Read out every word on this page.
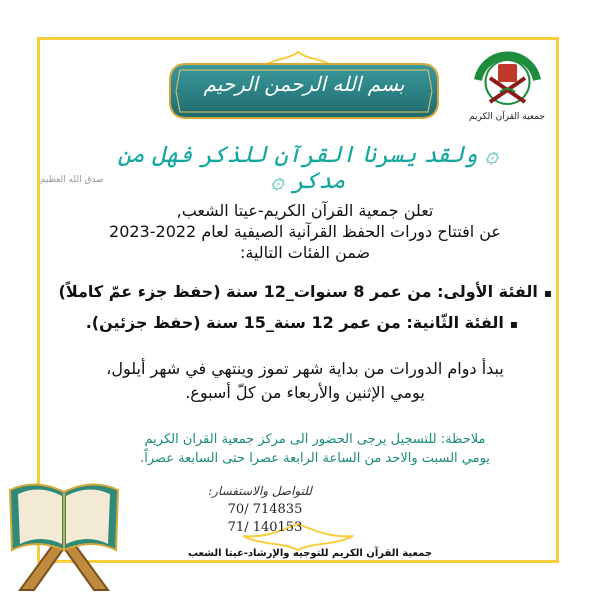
بسم الله الرحمن الرحيم
جمعية القرآن الكريم
۞ ولقد يسرنا القرآن للذكر فهل من مدكر ۞
صدق الله العظيم
تعلن جمعية القرآن الكريم-عيتا الشعب,
عن افتتاح دورات الحفظ القرآنية الصيفية لعام 2022-2023
ضمن الفئات التالية:
▪الفئة الأولى: من عمر 8 سنوات_12 سنة (حفظ جزء عمّ كاملاً)
▪الفئة الثّانية: من عمر 12 سنة_15 سنة (حفظ جزئين).
يبدأ دوام الدورات من بداية شهر تموز وينتهي في شهر أيلول،
يومي الإثنين والأربعاء من كلّ أسبوع.
ملاحظة: للتسجيل يرجى الحضور الى مركز جمعية القران الكريم
يومي السبت والاحد من الساعة الرابعة عصرا حتى السابعة عصراً.
للتواصل والاستفسار:
70/ 714835
71/ 140153
جمعية القرآن الكريم للتوجيه والإرشاد-عيتا الشعب
